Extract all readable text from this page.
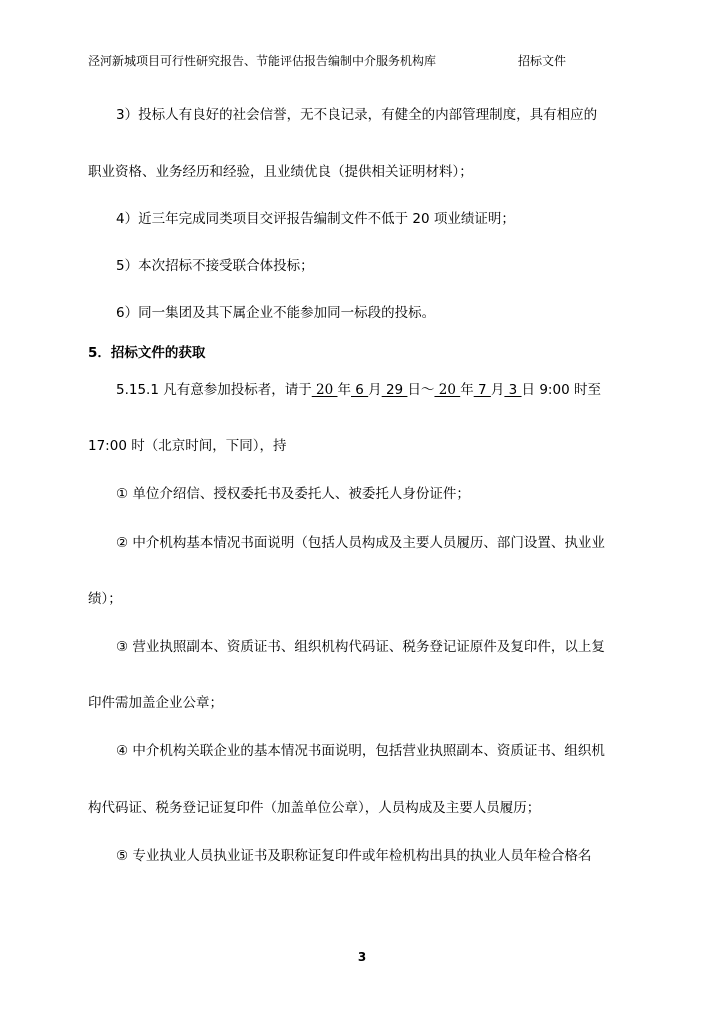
泾河新城项目可行性研究报告、节能评估报告编制中介服务机构库	招标文件
3）投标人有良好的社会信誉，无不良记录，有健全的内部管理制度，具有相应的
职业资格、业务经历和经验，且业绩优良（提供相关证明材料）；
4）近三年完成同类项目交评报告编制文件不低于 20 项业绩证明；
5）本次招标不接受联合体投标；
6）同一集团及其下属企业不能参加同一标段的投标。
5．招标文件的获取
5.15.1 凡有意参加投标者，请于 20 年 6 月 29 日～ 20 年 7 月 3 日 9:00 时至
17:00 时（北京时间，下同），持
① 单位介绍信、授权委托书及委托人、被委托人身份证件；
② 中介机构基本情况书面说明（包括人员构成及主要人员履历、部门设置、执业业
绩）；
③ 营业执照副本、资质证书、组织机构代码证、税务登记证原件及复印件，以上复
印件需加盖企业公章；
④ 中介机构关联企业的基本情况书面说明，包括营业执照副本、资质证书、组织机
构代码证、税务登记证复印件（加盖单位公章），人员构成及主要人员履历；
⑤ 专业执业人员执业证书及职称证复印件或年检机构出具的执业人员年检合格名
3
